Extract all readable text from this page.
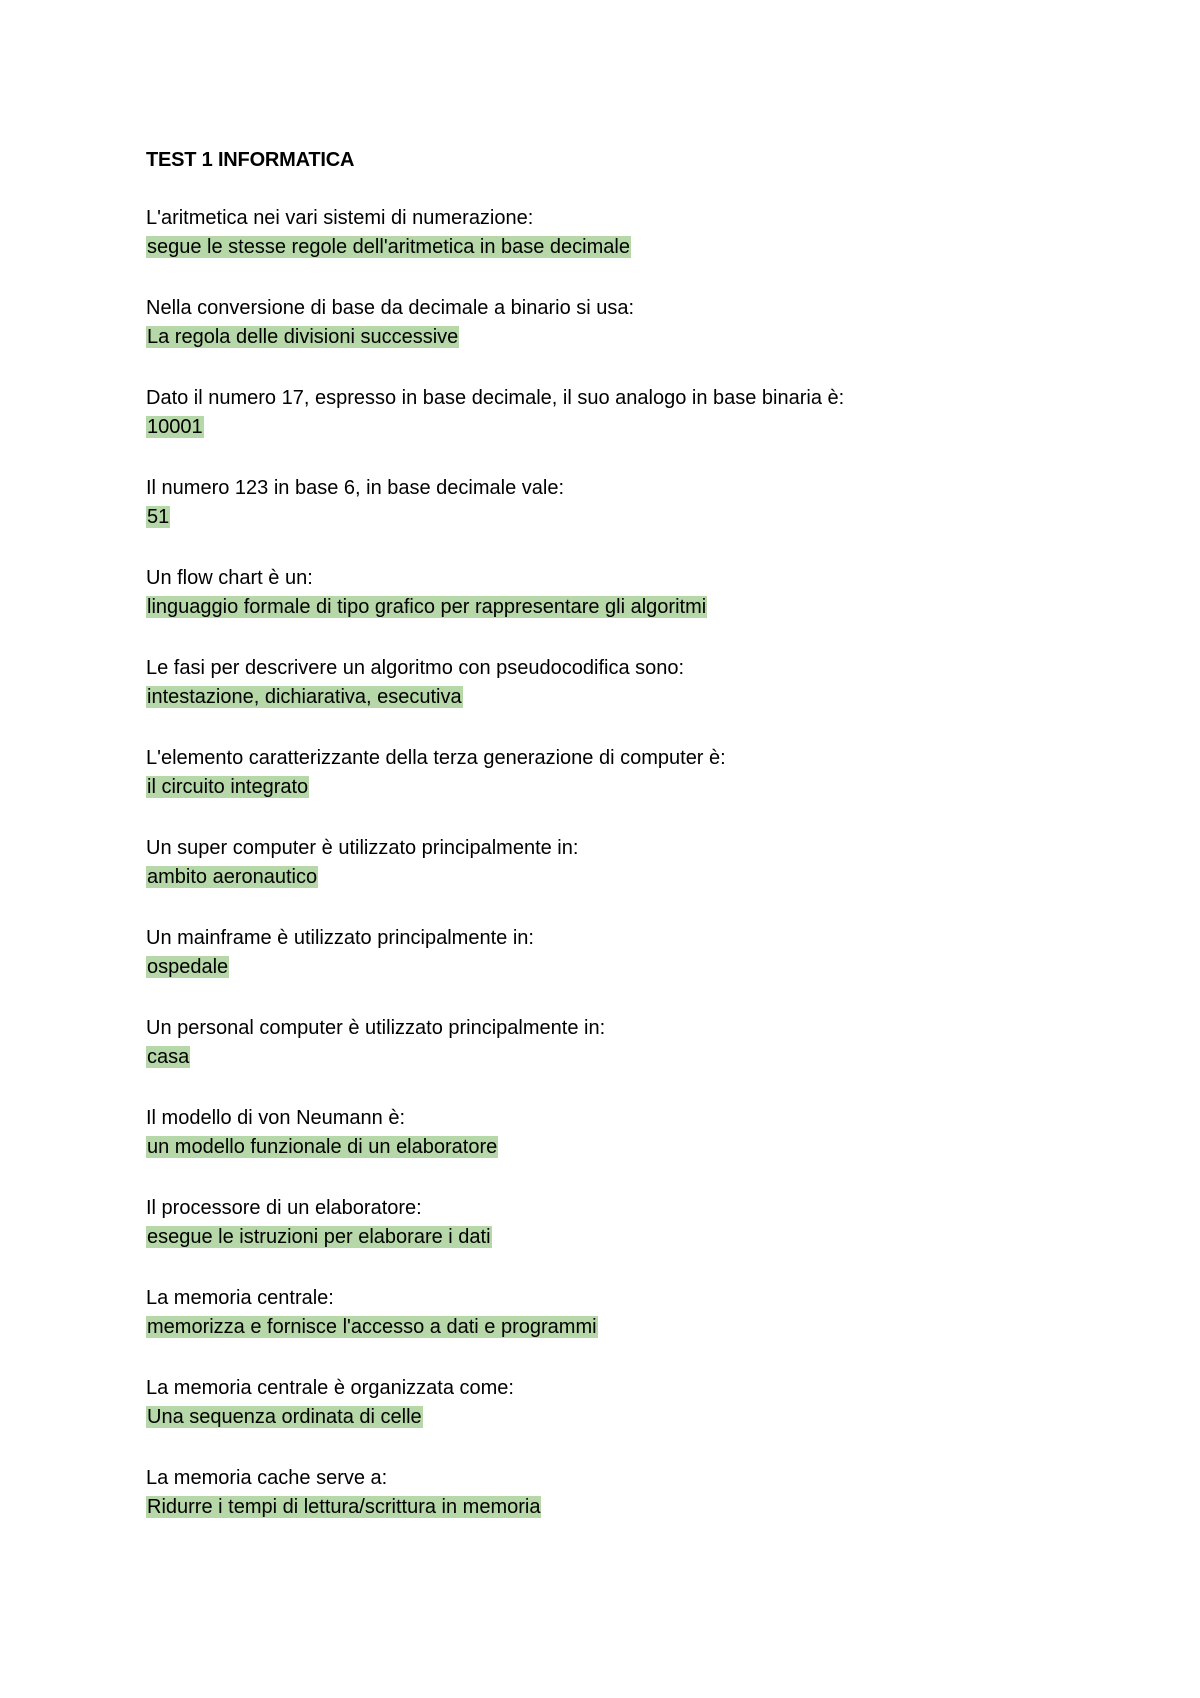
TEST 1 INFORMATICA
L'aritmetica nei vari sistemi di numerazione:
segue le stesse regole dell'aritmetica in base decimale
Nella conversione di base da decimale a binario si usa:
La regola delle divisioni successive
Dato il numero 17, espresso in base decimale, il suo analogo in base binaria è:
10001
Il numero 123 in base 6, in base decimale vale:
51
Un flow chart è un:
linguaggio formale di tipo grafico per rappresentare gli algoritmi
Le fasi per descrivere un algoritmo con pseudocodifica sono:
intestazione, dichiarativa, esecutiva
L'elemento caratterizzante della terza generazione di computer è:
il circuito integrato
Un super computer è utilizzato principalmente in:
ambito aeronautico
Un mainframe è utilizzato principalmente in:
ospedale
Un personal computer è utilizzato principalmente in:
casa
Il modello di von Neumann è:
un modello funzionale di un elaboratore
Il processore di un elaboratore:
esegue le istruzioni per elaborare i dati
La memoria centrale:
memorizza e fornisce l'accesso a dati e programmi
La memoria centrale è organizzata come:
Una sequenza ordinata di celle
La memoria cache serve a:
Ridurre i tempi di lettura/scrittura in memoria
